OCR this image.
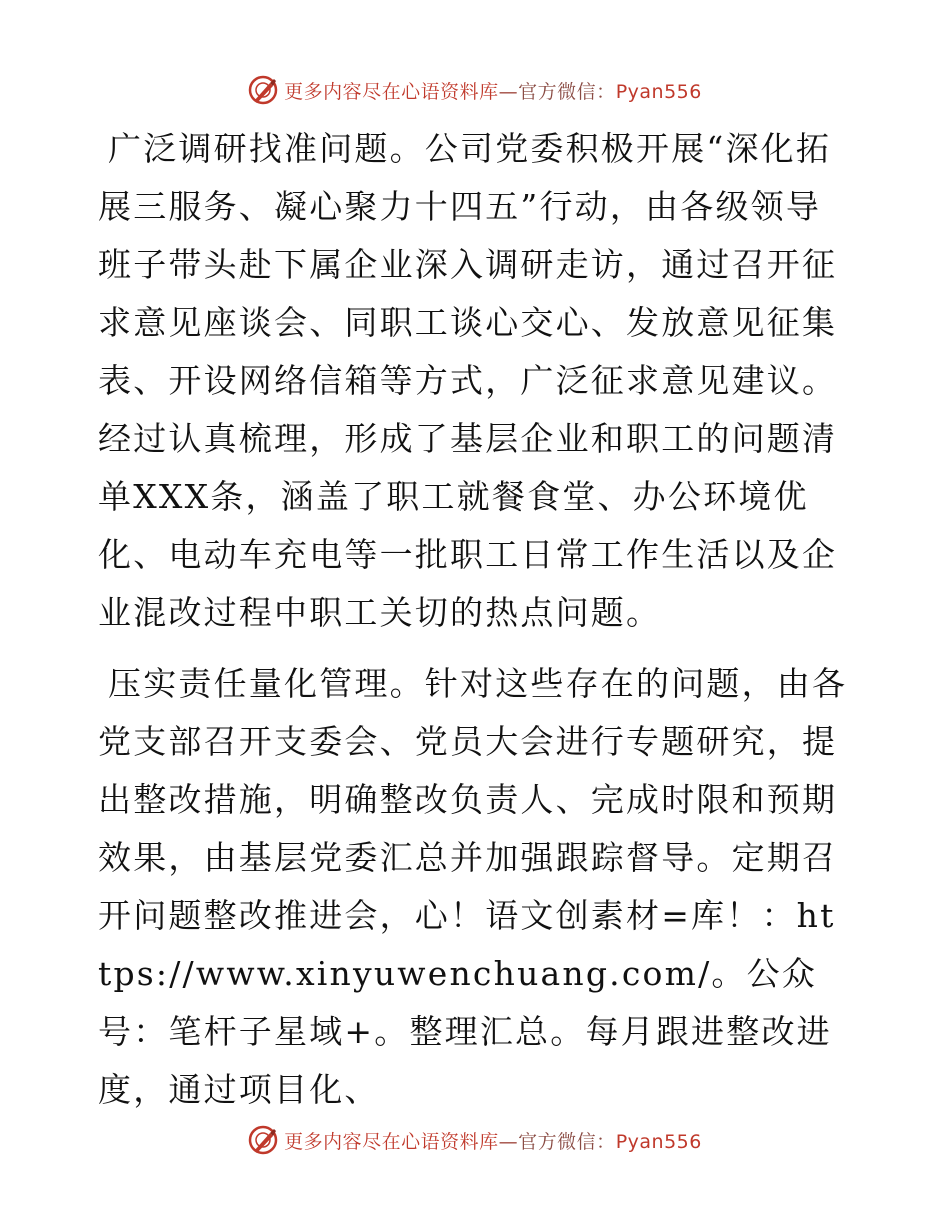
更多内容尽在心语资料库—官方微信：Pyan556

广泛调研找准问题。公司党委积极开展“深化拓展三服务、凝心聚力十四五”行动，由各级领导班子带头赴下属企业深入调研走访，通过召开征求意见座谈会、同职工谈心交心、发放意见征集表、开设网络信箱等方式，广泛征求意见建议。经过认真梳理，形成了基层企业和职工的问题清单XXX条，涵盖了职工就餐食堂、办公环境优化、电动车充电等一批职工日常工作生活以及企业混改过程中职工关切的热点问题。

压实责任量化管理。针对这些存在的问题，由各党支部召开支委会、党员大会进行专题研究，提出整改措施，明确整改负责人、完成时限和预期效果，由基层党委汇总并加强跟踪督导。定期召开问题整改推进会，心！语文创素材=库！：https://www.xinyuwenchuang.com/。公众号：笔杆子星域+。整理汇总。每月跟进整改进度，通过项目化、

更多内容尽在心语资料库—官方微信：Pyan556
